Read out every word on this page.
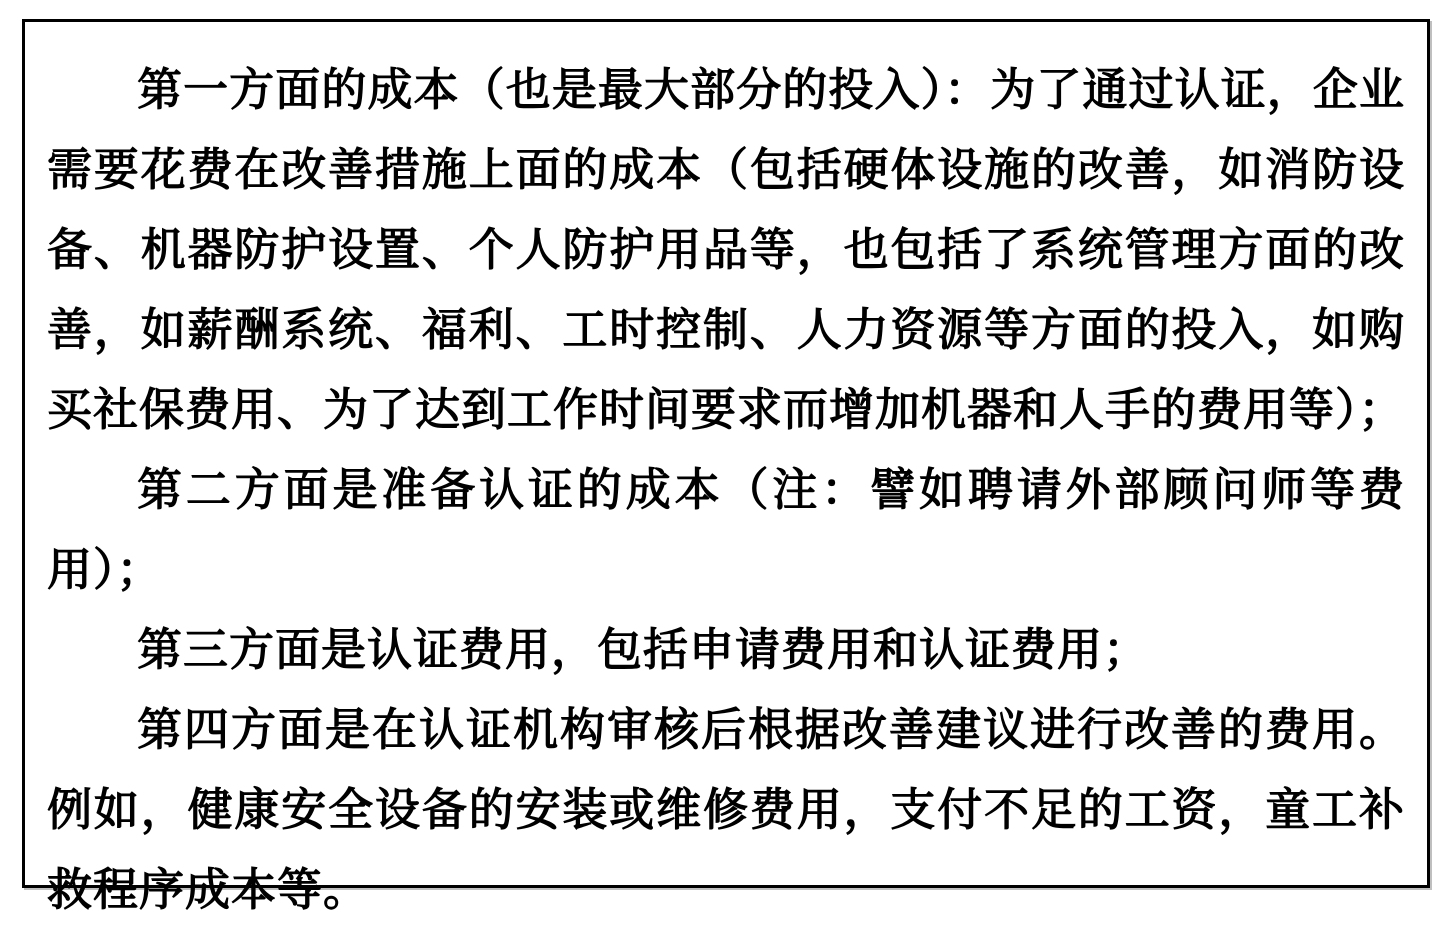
第一方面的成本（也是最大部分的投入）：为了通过认证，企业需要花费在改善措施上面的成本（包括硬体设施的改善，如消防设备、机器防护设置、个人防护用品等，也包括了系统管理方面的改善，如薪酬系统、福利、工时控制、人力资源等方面的投入，如购买社保费用、为了达到工作时间要求而增加机器和人手的费用等）；

第二方面是准备认证的成本（注：譬如聘请外部顾问师等费用）；

第三方面是认证费用，包括申请费用和认证费用；

第四方面是在认证机构审核后根据改善建议进行改善的费用。例如，健康安全设备的安装或维修费用，支付不足的工资，童工补救程序成本等。
